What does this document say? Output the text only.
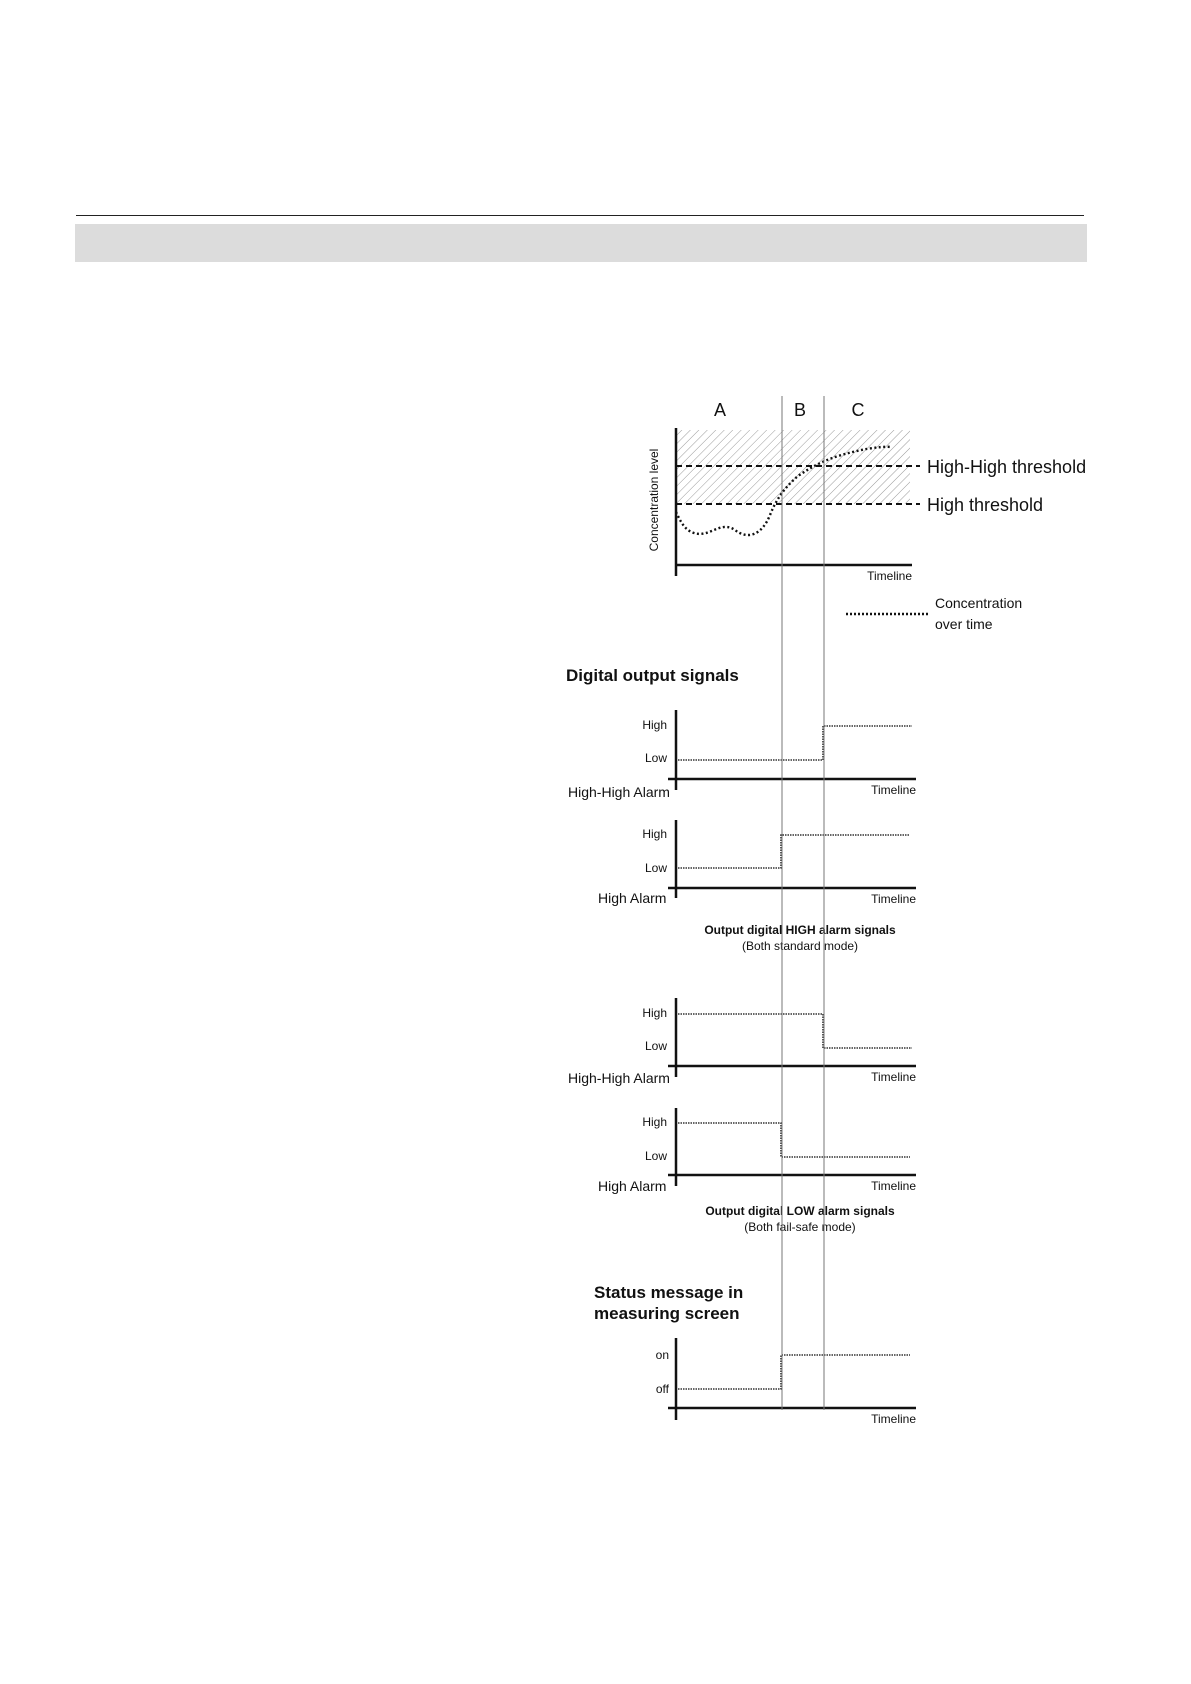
A	B	C
Concentration level
Timeline
High-High threshold
High threshold
Concentration
over time
Digital output signals
High
Low
Timeline
High-High Alarm
High
Low
Timeline
High Alarm
Output digital HIGH alarm signals
(Both standard mode)
High
Low
Timeline
High-High Alarm
High
Low
Timeline
High Alarm
Output digital LOW alarm signals
(Both fail-safe mode)
Status message in
measuring screen
on
off
Timeline
